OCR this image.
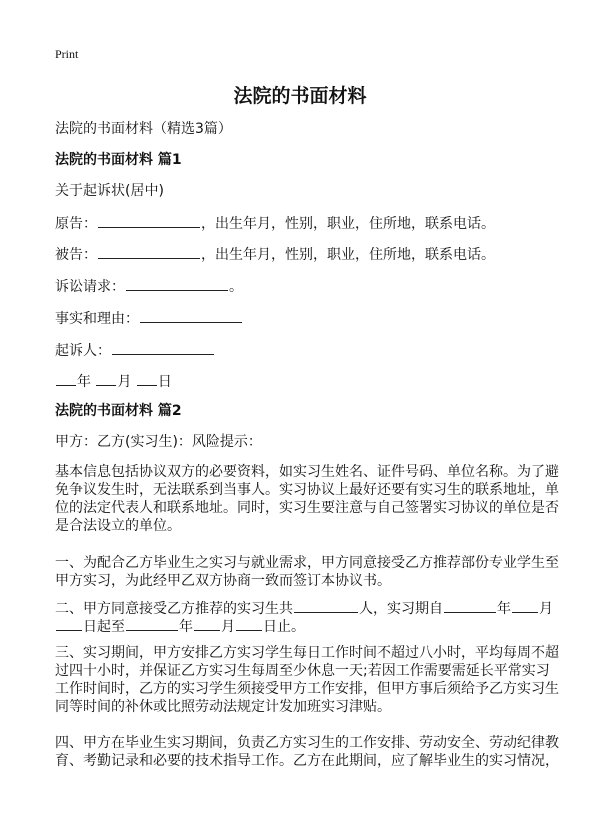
Print
法院的书面材料
法院的书面材料（精选3篇）
法院的书面材料 篇1
关于起诉状(居中)
原告：	，出生年月，性别，职业，住所地，联系电话。
被告：	，出生年月，性别，职业，住所地，联系电话。
诉讼请求：	。
事实和理由：
起诉人：
年 月 日
法院的书面材料 篇2
甲方：乙方(实习生)：风险提示：
基本信息包括协议双方的必要资料，如实习生姓名、证件号码、单位名称。为了避
免争议发生时，无法联系到当事人。实习协议上最好还要有实习生的联系地址，单
位的法定代表人和联系地址。同时，实习生要注意与自己签署实习协议的单位是否
是合法设立的单位。
一、为配合乙方毕业生之实习与就业需求，甲方同意接受乙方推荐部份专业学生至
甲方实习，为此经甲乙双方协商一致而签订本协议书。
二、甲方同意接受乙方推荐的实习生共	人，实习期自	年 月
日起至	年 月 日止。
三、实习期间，甲方安排乙方实习学生每日工作时间不超过八小时，平均每周不超
过四十小时，并保证乙方实习生每周至少休息一天;若因工作需要需延长平常实习
工作时间时，乙方的实习学生须接受甲方工作安排，但甲方事后须给予乙方实习生
同等时间的补休或比照劳动法规定计发加班实习津贴。
四、甲方在毕业生实习期间，负责乙方实习生的工作安排、劳动安全、劳动纪律教
育、考勤记录和必要的技术指导工作。乙方在此期间，应了解毕业生的实习情况，
